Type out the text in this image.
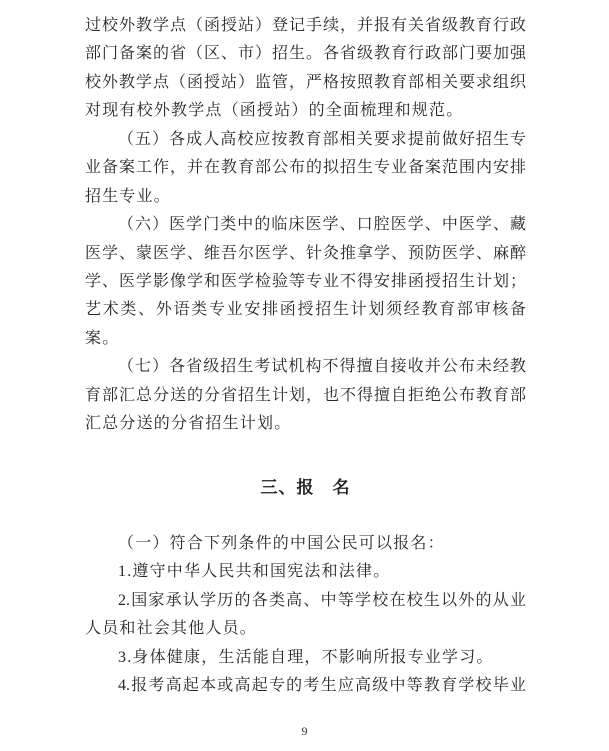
过校外教学点（函授站）登记手续，并报有关省级教育行政
部门备案的省（区、市）招生。各省级教育行政部门要加强
校外教学点（函授站）监管，严格按照教育部相关要求组织
对现有校外教学点（函授站）的全面梳理和规范。
（五）各成人高校应按教育部相关要求提前做好招生专
业备案工作，并在教育部公布的拟招生专业备案范围内安排
招生专业。
（六）医学门类中的临床医学、口腔医学、中医学、藏
医学、蒙医学、维吾尔医学、针灸推拿学、预防医学、麻醉
学、医学影像学和医学检验等专业不得安排函授招生计划；
艺术类、外语类专业安排函授招生计划须经教育部审核备
案。
（七）各省级招生考试机构不得擅自接收并公布未经教
育部汇总分送的分省招生计划，也不得擅自拒绝公布教育部
汇总分送的分省招生计划。
三、报　名
（一）符合下列条件的中国公民可以报名：
1.遵守中华人民共和国宪法和法律。
2.国家承认学历的各类高、中等学校在校生以外的从业
人员和社会其他人员。
3.身体健康，生活能自理，不影响所报专业学习。
4.报考高起本或高起专的考生应高级中等教育学校毕业
9
